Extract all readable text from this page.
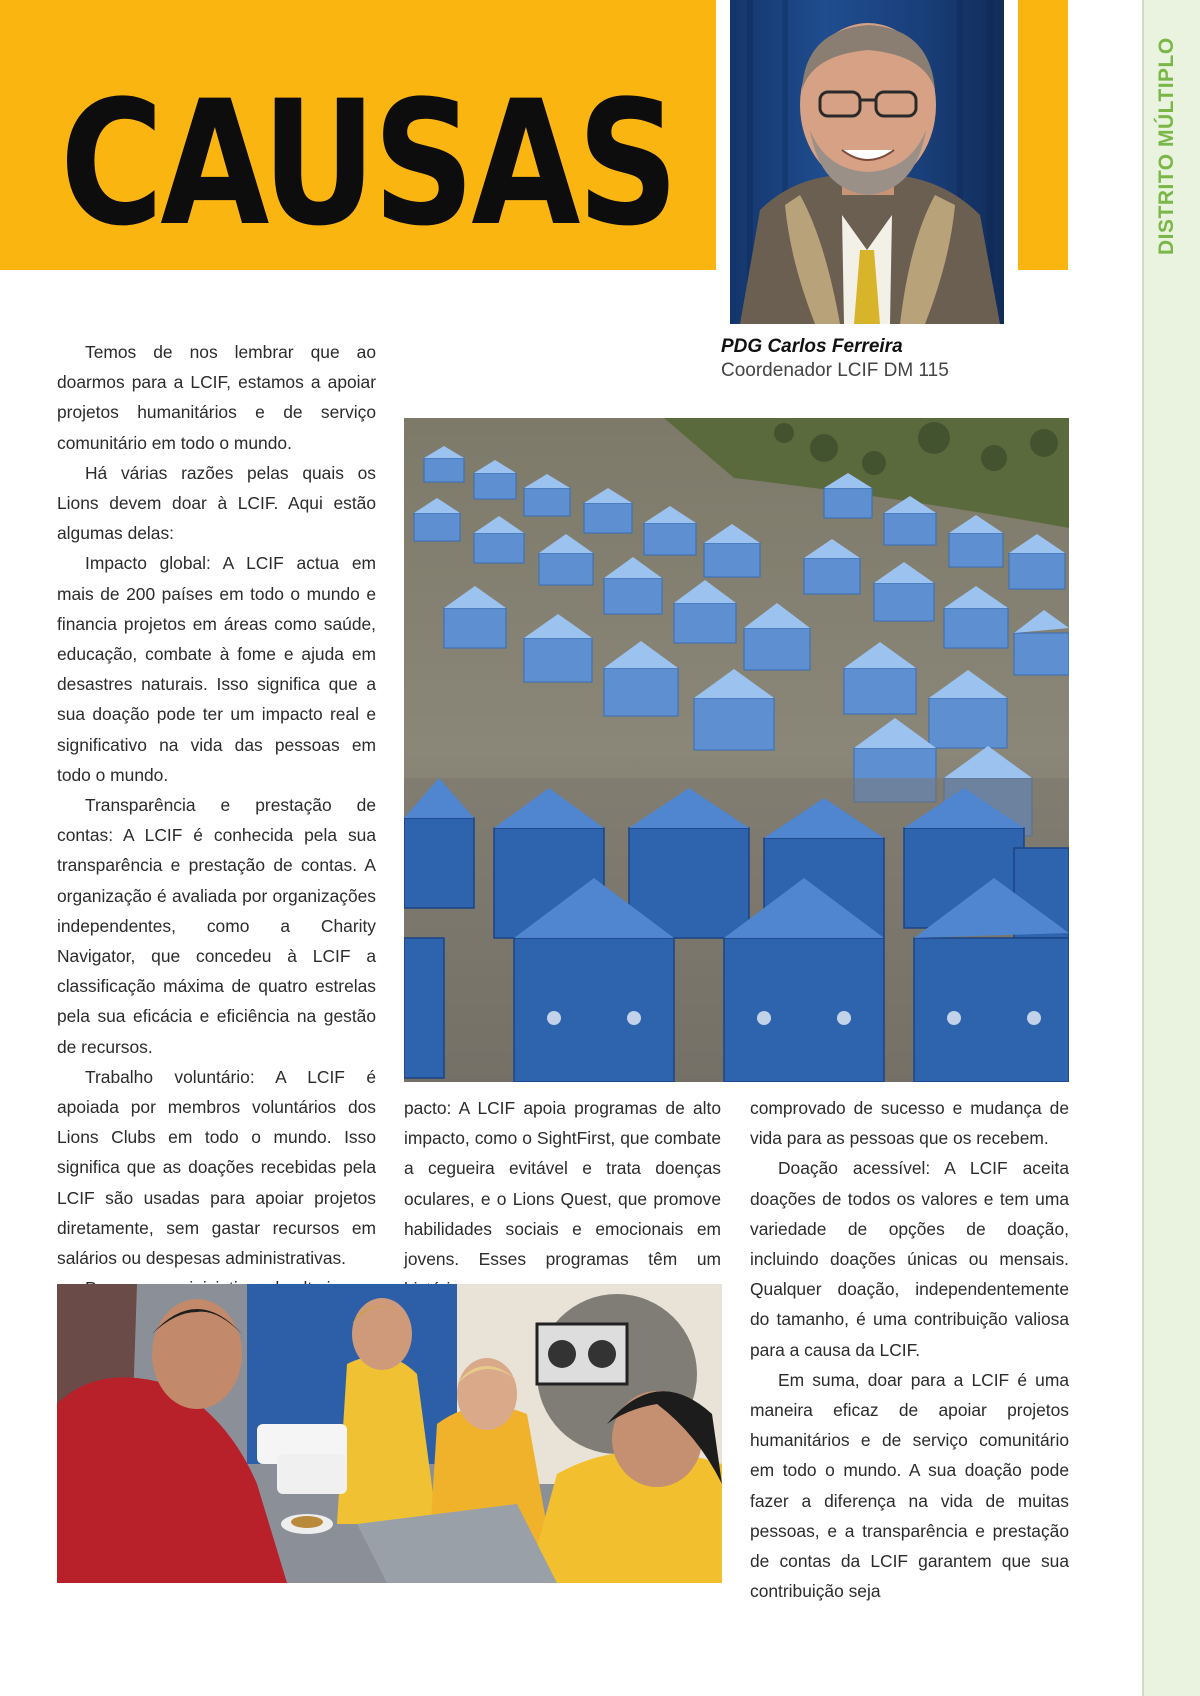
CAUSAS
PDG Carlos Ferreira
Coordenador LCIF DM 115

Temos de nos lembrar que ao doarmos para a LCIF, estamos a apoiar projetos humanitários e de serviço comunitário em todo o mundo.

Há várias razões pelas quais os Lions devem doar à LCIF. Aqui estão algumas delas:

Impacto global: A LCIF actua em mais de 200 países em todo o mundo e financia projetos em áreas como saúde, educação, combate à fome e ajuda em desastres naturais. Isso significa que a sua doação pode ter um impacto real e significativo na vida das pessoas em todo o mundo.

Transparência e prestação de contas: A LCIF é conhecida pela sua transparência e prestação de contas. A organização é avaliada por organizações independentes, como a Charity Navigator, que concedeu à LCIF a classificação máxima de quatro estrelas pela sua eficácia e eficiência na gestão de recursos.

Trabalho voluntário: A LCIF é apoiada por membros voluntários dos Lions Clubs em todo o mundo. Isso significa que as doações recebidas pela LCIF são usadas para apoiar projetos diretamente, sem gastar recursos em salários ou despesas administrativas.

pacto: A LCIF apoia programas de alto impacto, como o SightFirst, que combate a cegueira evitável e trata doenças oculares, e o Lions Quest, que promove habilidades sociais e emocionais em jovens. Esses programas têm um

comprovado de sucesso e mudança de vida para as pessoas que os recebem.

Doação acessível: A LCIF aceita doações de todos os valores e tem uma variedade de opções de doação, incluindo doações únicas ou mensais. Qualquer doação, independentemente do tamanho, é uma contribuição valiosa para a causa da LCIF.

Em suma, doar para a LCIF é uma maneira eficaz de apoiar projetos humanitários e de serviço comunitário em todo o mundo. A sua doação pode fazer a diferença na vida de muitas pessoas, e a transparência e prestação de contas da LCIF garantem que sua contribuição seja
